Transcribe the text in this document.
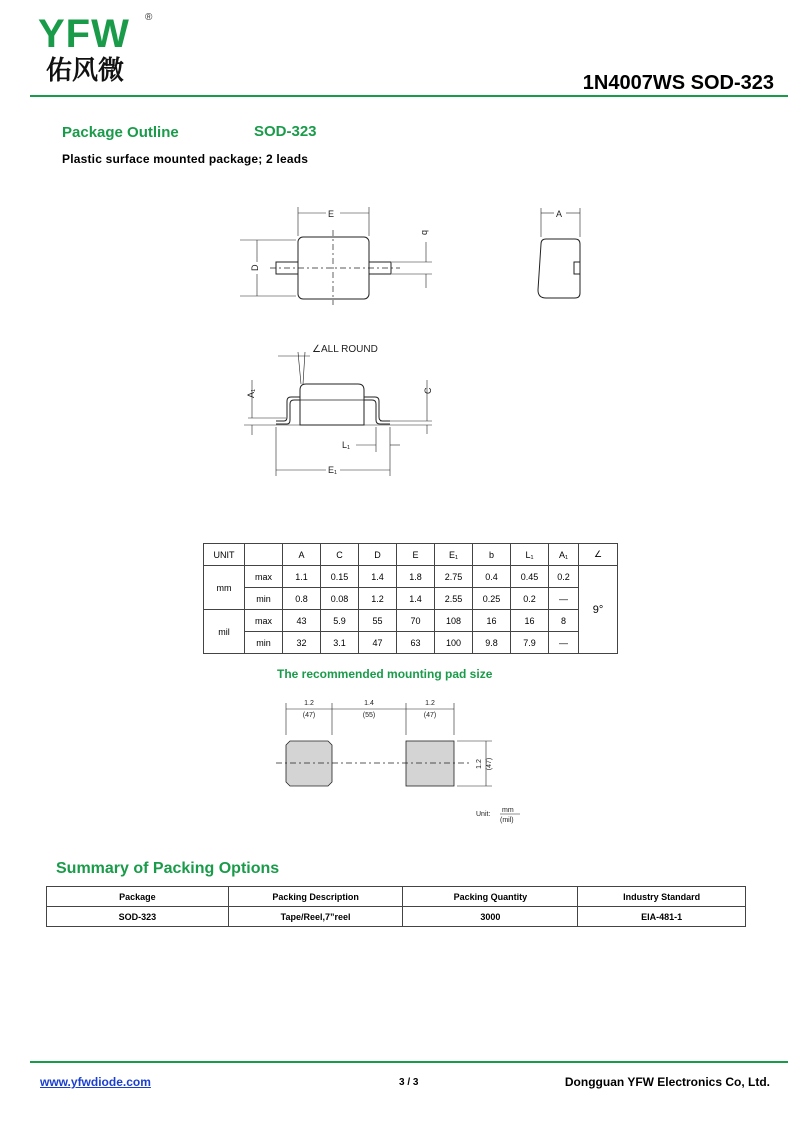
YFW ®
佑风微	1N4007WS SOD-323
Package Outline	SOD-323
Plastic surface mounted package; 2 leads
E	A
b
D
∠ALL ROUND
A₁	C
L₁
E₁
UNIT		A	C	D	E	E₁	b	L₁	A₁	∠
mm	max	1.1	0.15	1.4	1.8	2.75	0.4	0.45	0.2	9°
	min	0.8	0.08	1.2	1.4	2.55	0.25	0.2	—	
mil	max	43	5.9	55	70	108	16	16	8	
	min	32	3.1	47	63	100	9.8	7.9	—	
The recommended mounting pad size
1.2
(47)
1.4
(55)
1.2
(47)
1.2 (47)
Unit:
mm
(mil)
Summary of Packing Options
Package	Packing Description	Packing Quantity	Industry Standard
SOD-323	Tape/Reel,7”reel	3000	EIA-481-1
www.yfwdiode.com	3 / 3	Dongguan YFW Electronics Co, Ltd.
